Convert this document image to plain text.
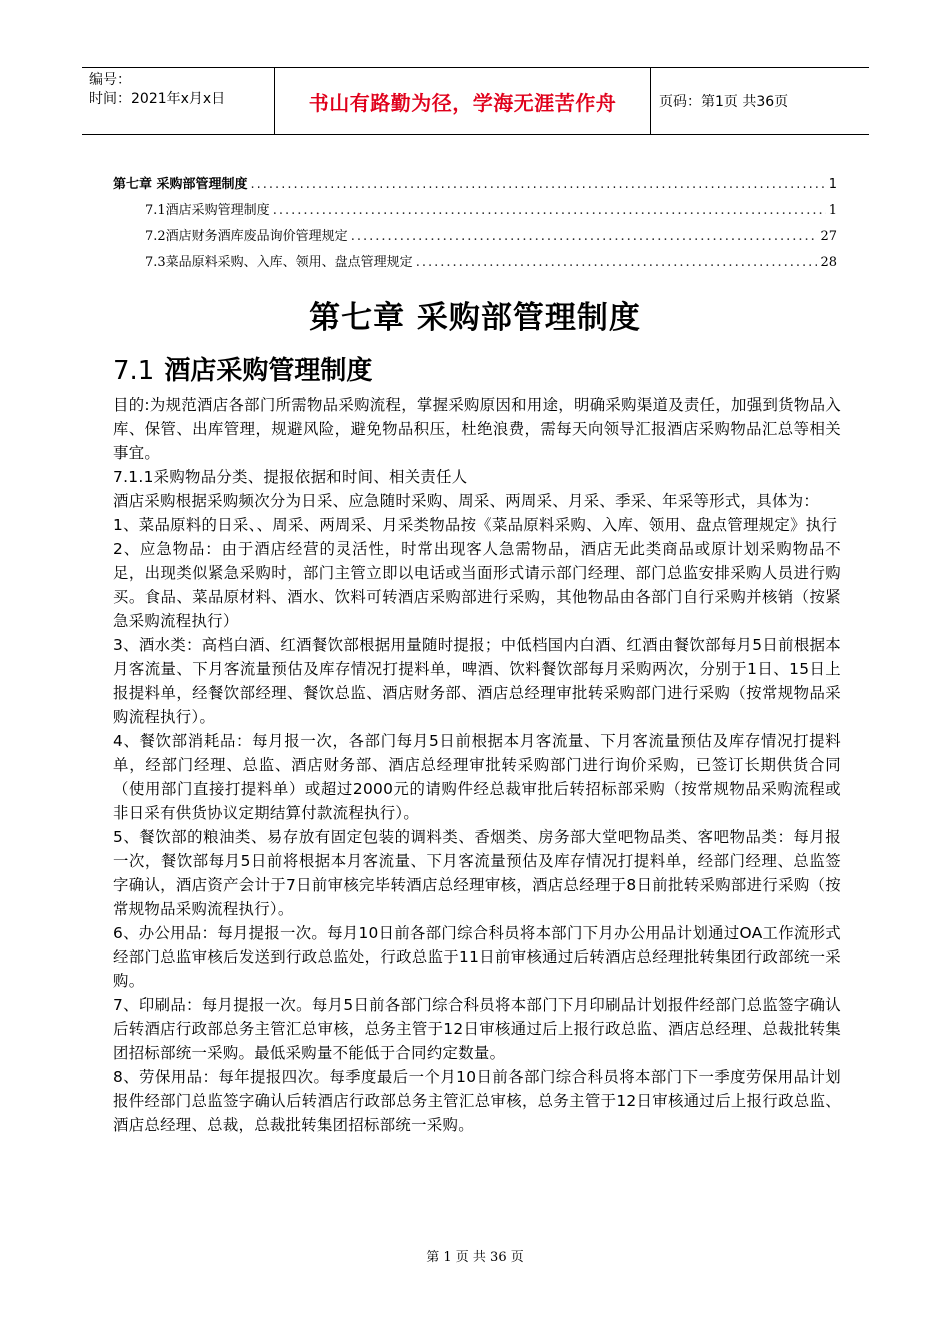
编号：
时间：2021年x月x日	书山有路勤为径，学海无涯苦作舟	页码：第1页 共36页
第七章 采购部管理制度 .....	1
7.1酒店采购管理制度 .....	1
7.2酒店财务酒库废品询价管理规定 .....	27
7.3菜品原料采购、入库、领用、盘点管理规定 .....	28
第七章 采购部管理制度
7.1 酒店采购管理制度

目的:为规范酒店各部门所需物品采购流程，掌握采购原因和用途，明确采购渠道及责任，加强到货物品入库、保管、出库管理，规避风险，避免物品积压，杜绝浪费，需每天向领导汇报酒店采购物品汇总等相关事宜。

7.1.1采购物品分类、提报依据和时间、相关责任人

酒店采购根据采购频次分为日采、应急随时采购、周采、两周采、月采、季采、年采等形式，具体为：

1、菜品原料的日采、、周采、两周采、月采类物品按《菜品原料采购、入库、领用、盘点管理规定》执行

2、应急物品：由于酒店经营的灵活性，时常出现客人急需物品，酒店无此类商品或原计划采购物品不足，出现类似紧急采购时，部门主管立即以电话或当面形式请示部门经理、部门总监安排采购人员进行购买。食品、菜品原材料、酒水、饮料可转酒店采购部进行采购，其他物品由各部门自行采购并核销（按紧急采购流程执行）

3、酒水类：高档白酒、红酒餐饮部根据用量随时提报；中低档国内白酒、红酒由餐饮部每月5日前根据本月客流量、下月客流量预估及库存情况打提料单，啤酒、饮料餐饮部每月采购两次，分别于1日、15日上报提料单，经餐饮部经理、餐饮总监、酒店财务部、酒店总经理审批转采购部门进行采购（按常规物品采购流程执行）。

4、餐饮部消耗品：每月报一次，各部门每月5日前根据本月客流量、下月客流量预估及库存情况打提料单，经部门经理、总监、酒店财务部、酒店总经理审批转采购部门进行询价采购，已签订长期供货合同（使用部门直接打提料单）或超过2000元的请购件经总裁审批后转招标部采购（按常规物品采购流程或非日采有供货协议定期结算付款流程执行）。

5、餐饮部的粮油类、易存放有固定包装的调料类、香烟类、房务部大堂吧物品类、客吧物品类：每月报一次，餐饮部每月5日前将根据本月客流量、下月客流量预估及库存情况打提料单，经部门经理、总监签字确认，酒店资产会计于7日前审核完毕转酒店总经理审核，酒店总经理于8日前批转采购部进行采购（按常规物品采购流程执行）。

6、办公用品：每月提报一次。每月10日前各部门综合科员将本部门下月办公用品计划通过OA工作流形式经部门总监审核后发送到行政总监处，行政总监于11日前审核通过后转酒店总经理批转集团行政部统一采购。

7、印刷品：每月提报一次。每月5日前各部门综合科员将本部门下月印刷品计划报件经部门总监签字确认后转酒店行政部总务主管汇总审核，总务主管于12日审核通过后上报行政总监、酒店总经理、总裁批转集团招标部统一采购。最低采购量不能低于合同约定数量。

8、劳保用品：每年提报四次。每季度最后一个月10日前各部门综合科员将本部门下一季度劳保用品计划报件经部门总监签字确认后转酒店行政部总务主管汇总审核，总务主管于12日审核通过后上报行政总监、酒店总经理、总裁，总裁批转集团招标部统一采购。

第 1 页 共 36 页
